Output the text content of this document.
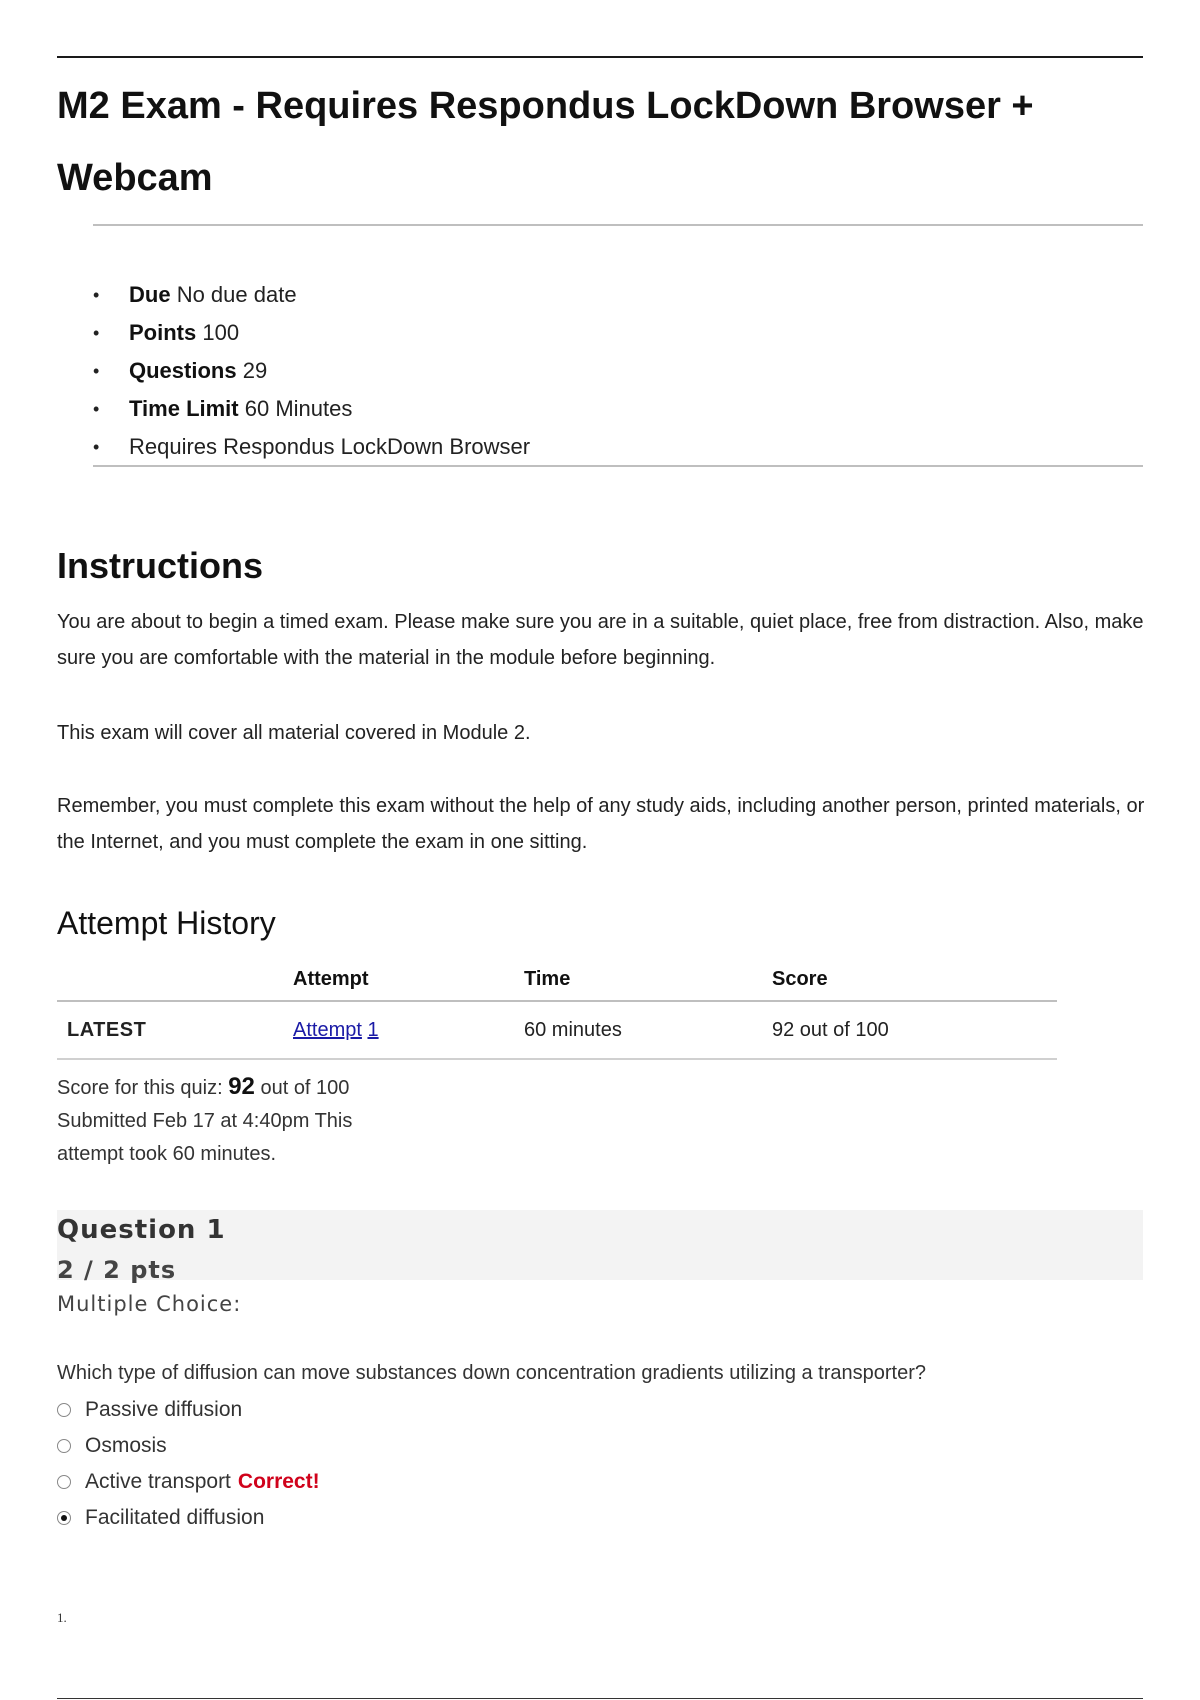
M2 Exam - Requires Respondus LockDown Browser + Webcam
• Due No due date
• Points 100
• Questions 29
• Time Limit 60 Minutes
• Requires Respondus LockDown Browser
Instructions

You are about to begin a timed exam. Please make sure you are in a suitable, quiet place, free from distraction. Also, make sure you are comfortable with the material in the module before beginning.

This exam will cover all material covered in Module 2.

Remember, you must complete this exam without the help of any study aids, including another person, printed materials, or the Internet, and you must complete the exam in one sitting.

Attempt History
	Attempt	Time	Score
LATEST	Attempt 1	60 minutes	92 out of 100
Score for this quiz: 92 out of 100
Submitted Feb 17 at 4:40pm This
attempt took 60 minutes.
Question 1
2 / 2 pts
Multiple Choice:

Which type of diffusion can move substances down concentration gradients utilizing a transporter?

Passive diffusion
Osmosis
Active transport Correct!
Facilitated diffusion
1.
